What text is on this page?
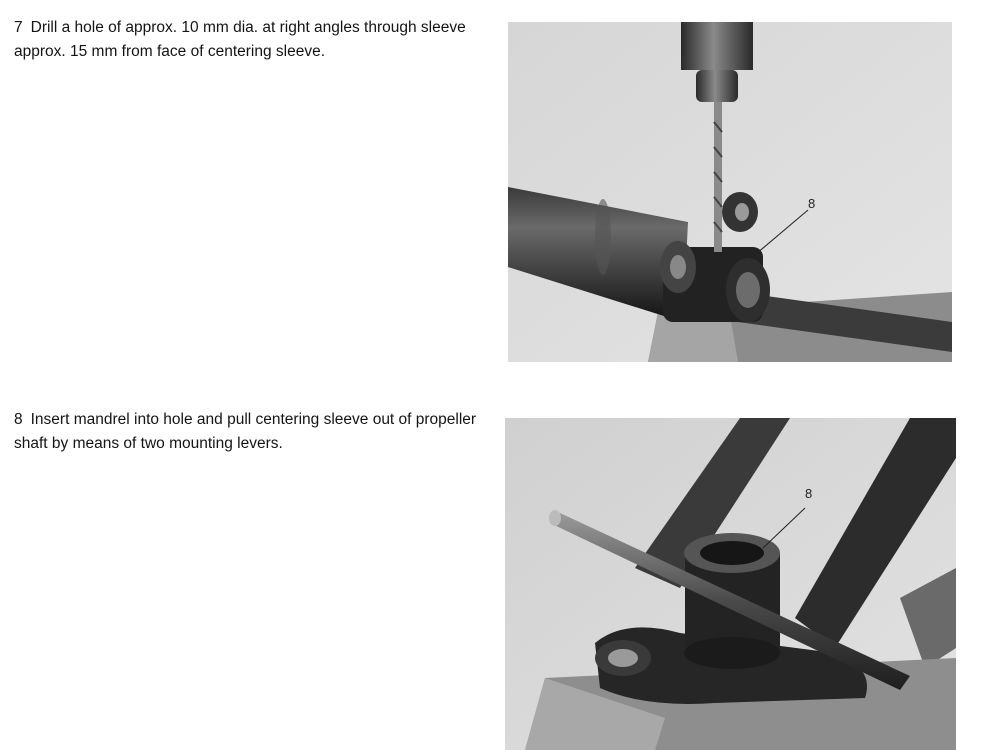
7 Drill a hole of approx. 10 mm dia. at right angles through sleeve approx. 15 mm from face of centering sleeve.
8
8 Insert mandrel into hole and pull centering sleeve out of propeller shaft by means of two mounting levers.
8
